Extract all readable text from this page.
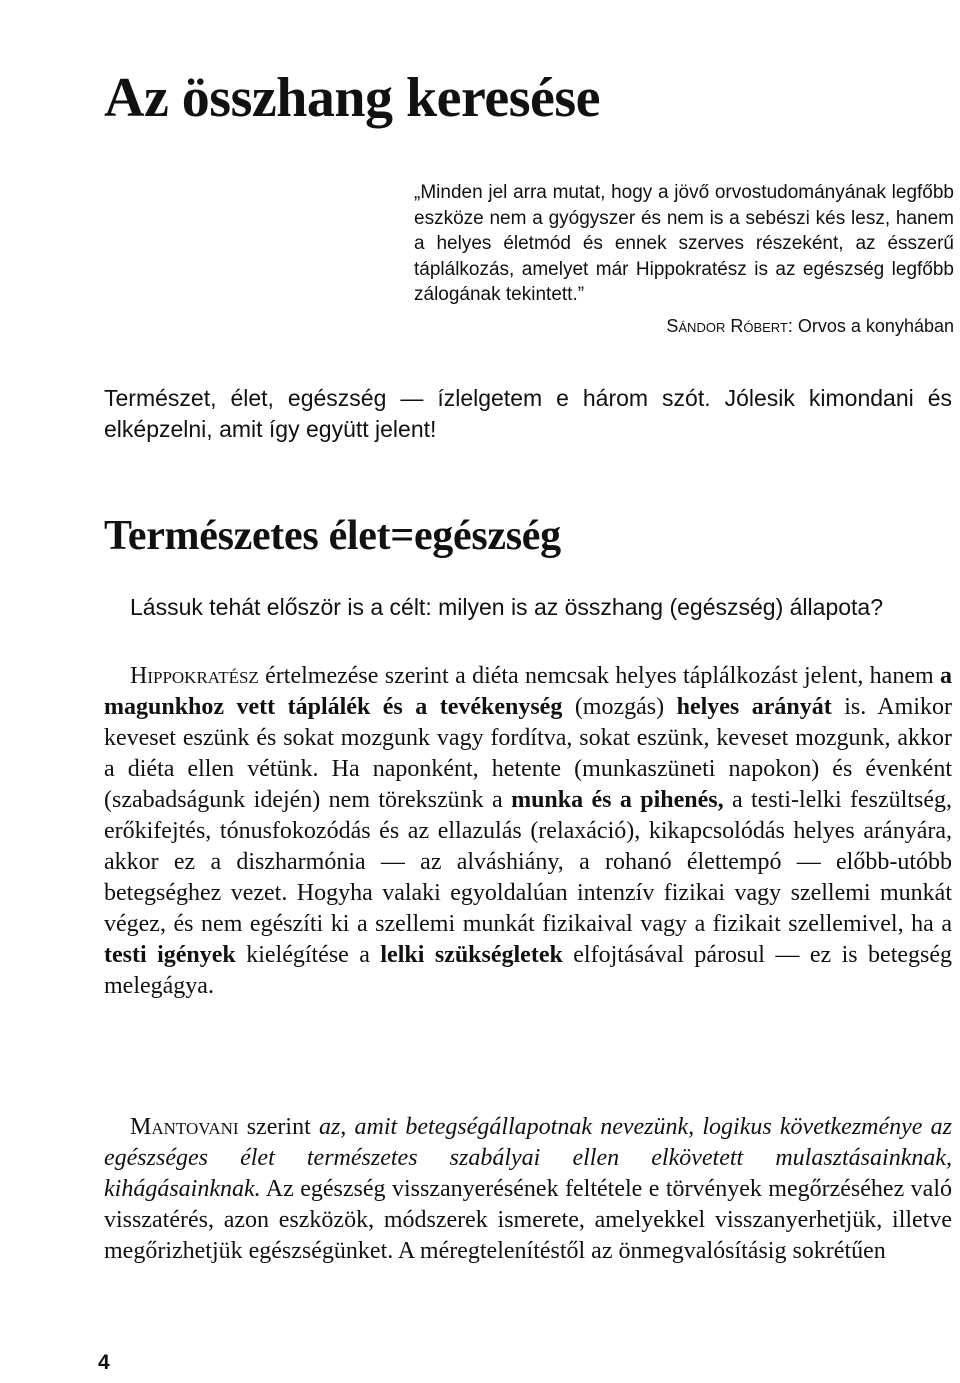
Az összhang keresése

„Minden jel arra mutat, hogy a jövő orvostudományának legfőbb eszköze nem a gyógyszer és nem is a sebészi kés lesz, hanem a helyes életmód és ennek szerves részeként, az ésszerű táplálkozás, amelyet már Hippokratész is az egészség legfőbb zálogának tekintett.”

Sándor Róbert: Orvos a konyhában

Természet, élet, egészség — ízlelgetem e három szót. Jólesik kimondani és elképzelni, amit így együtt jelent!

Természetes élet=egészség

Lássuk tehát először is a célt: milyen is az összhang (egészség) állapota?

Hippokratész értelmezése szerint a diéta nemcsak helyes táplálkozást jelent, hanem a magunkhoz vett táplálék és a tevékenység (mozgás) helyes arányát is. Amikor keveset eszünk és sokat mozgunk vagy fordítva, sokat eszünk, keveset mozgunk, akkor a diéta ellen vétünk. Ha naponként, hetente (munkaszüneti napokon) és évenként (szabadságunk idején) nem törekszünk a munka és a pihenés, a testi-lelki feszültség, erőkifejtés, tónusfokozódás és az ellazulás (relaxáció), kikapcsolódás helyes arányára, akkor ez a diszharmónia — az alváshiány, a rohanó élettempó — előbb-utóbb betegséghez vezet. Hogyha valaki egyoldalúan intenzív fizikai vagy szellemi munkát végez, és nem egészíti ki a szellemi munkát fizikaival vagy a fizikait szellemivel, ha a testi igények kielégítése a lelki szükségletek elfojtásával párosul — ez is betegség melegágya.

Mantovani szerint az, amit betegségállapotnak nevezünk, logikus következménye az egészséges élet természetes szabályai ellen elkövetett mulasztásainknak, kihágásainknak. Az egészség visszanyerésének feltétele e törvények megőrzéséhez való visszatérés, azon eszközök, módszerek ismerete, amelyekkel visszanyerhetjük, illetve megőrizhetjük egészségünket. A méregtelenítéstől az önmegvalósításig sokrétűen

4
